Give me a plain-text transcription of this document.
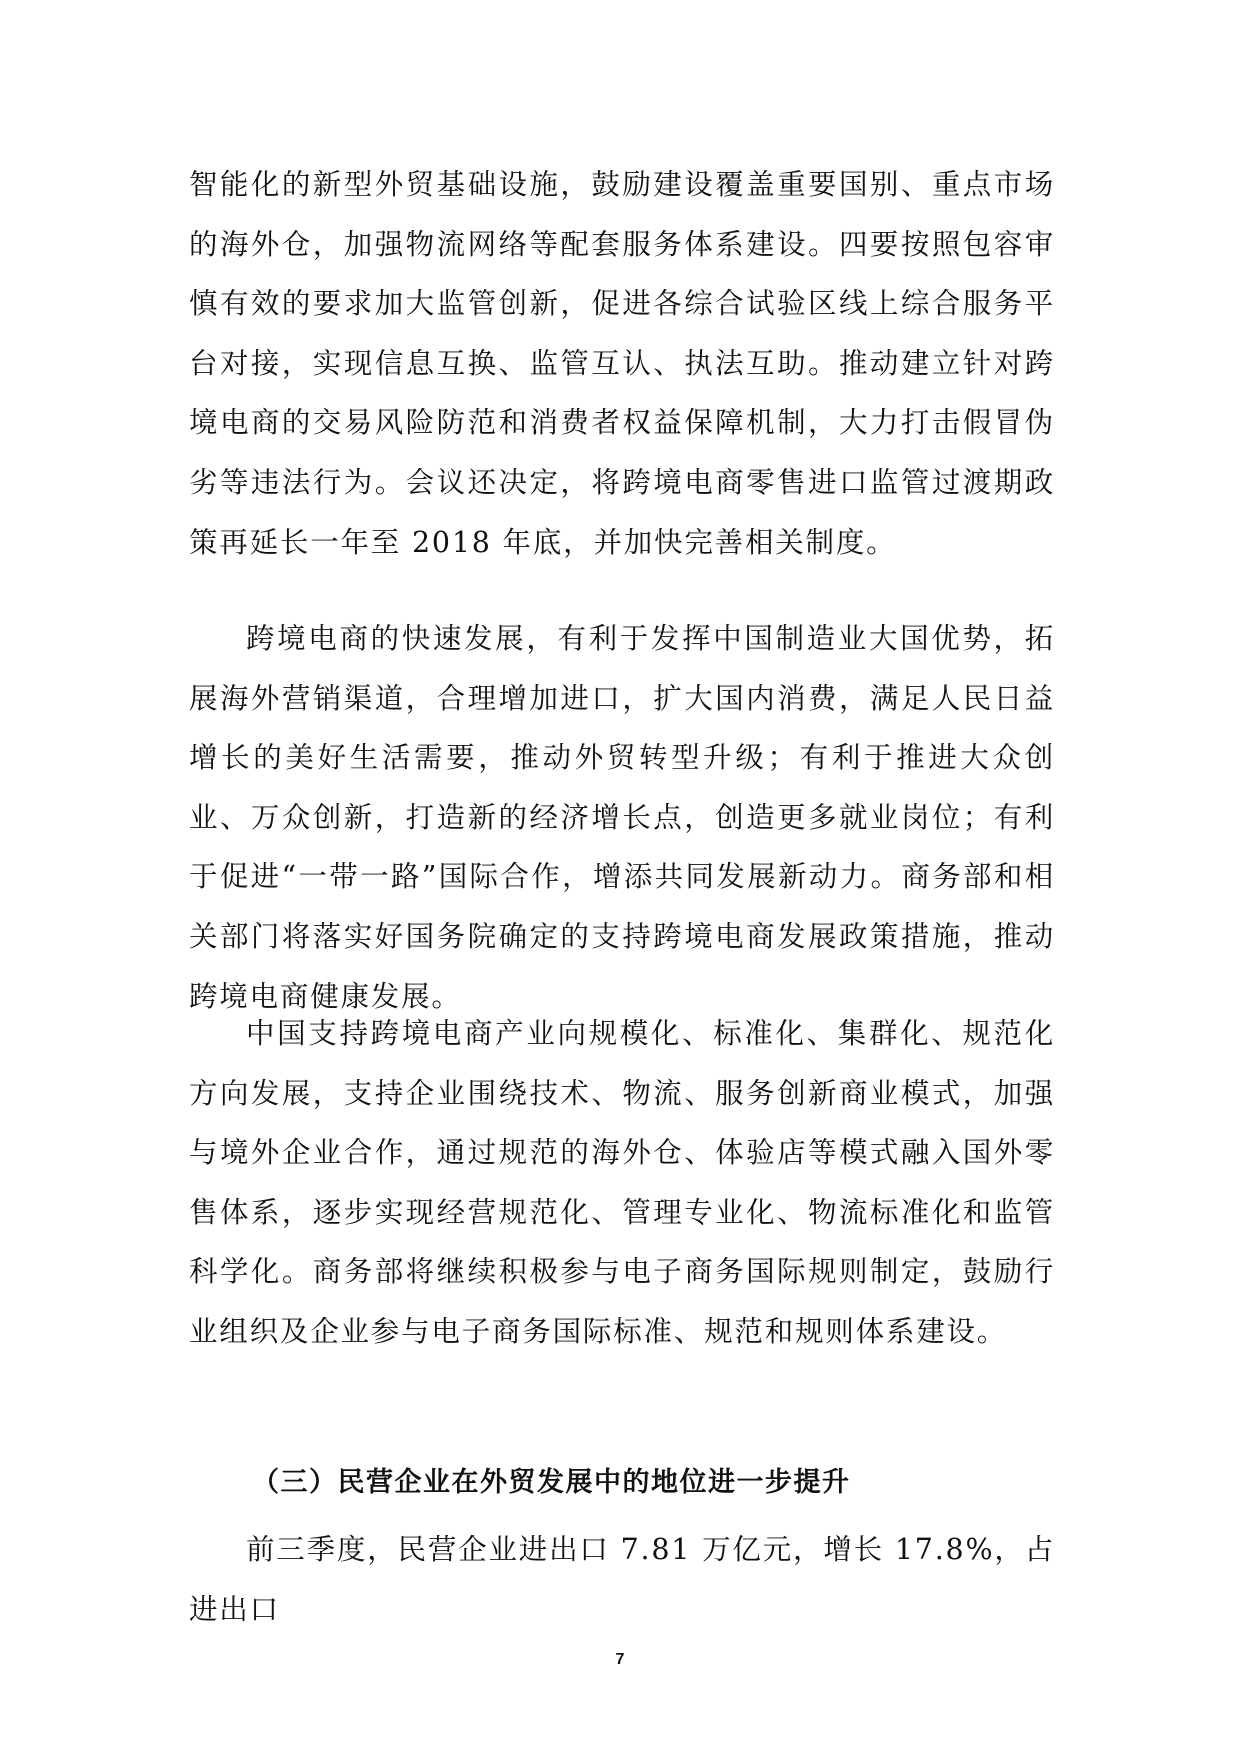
智能化的新型外贸基础设施，鼓励建设覆盖重要国别、重点市场的海外仓，加强物流网络等配套服务体系建设。四要按照包容审慎有效的要求加大监管创新，促进各综合试验区线上综合服务平台对接，实现信息互换、监管互认、执法互助。推动建立针对跨境电商的交易风险防范和消费者权益保障机制，大力打击假冒伪劣等违法行为。会议还决定，将跨境电商零售进口监管过渡期政策再延长一年至 2018 年底，并加快完善相关制度。

跨境电商的快速发展，有利于发挥中国制造业大国优势，拓展海外营销渠道，合理增加进口，扩大国内消费，满足人民日益增长的美好生活需要，推动外贸转型升级；有利于推进大众创业、万众创新，打造新的经济增长点，创造更多就业岗位；有利于促进“一带一路”国际合作，增添共同发展新动力。商务部和相关部门将落实好国务院确定的支持跨境电商发展政策措施，推动跨境电商健康发展。

中国支持跨境电商产业向规模化、标准化、集群化、规范化方向发展，支持企业围绕技术、物流、服务创新商业模式，加强与境外企业合作，通过规范的海外仓、体验店等模式融入国外零售体系，逐步实现经营规范化、管理专业化、物流标准化和监管科学化。商务部将继续积极参与电子商务国际规则制定，鼓励行业组织及企业参与电子商务国际标准、规范和规则体系建设。

（三）民营企业在外贸发展中的地位进一步提升

前三季度，民营企业进出口 7.81 万亿元，增长 17.8%，占进出口

7
